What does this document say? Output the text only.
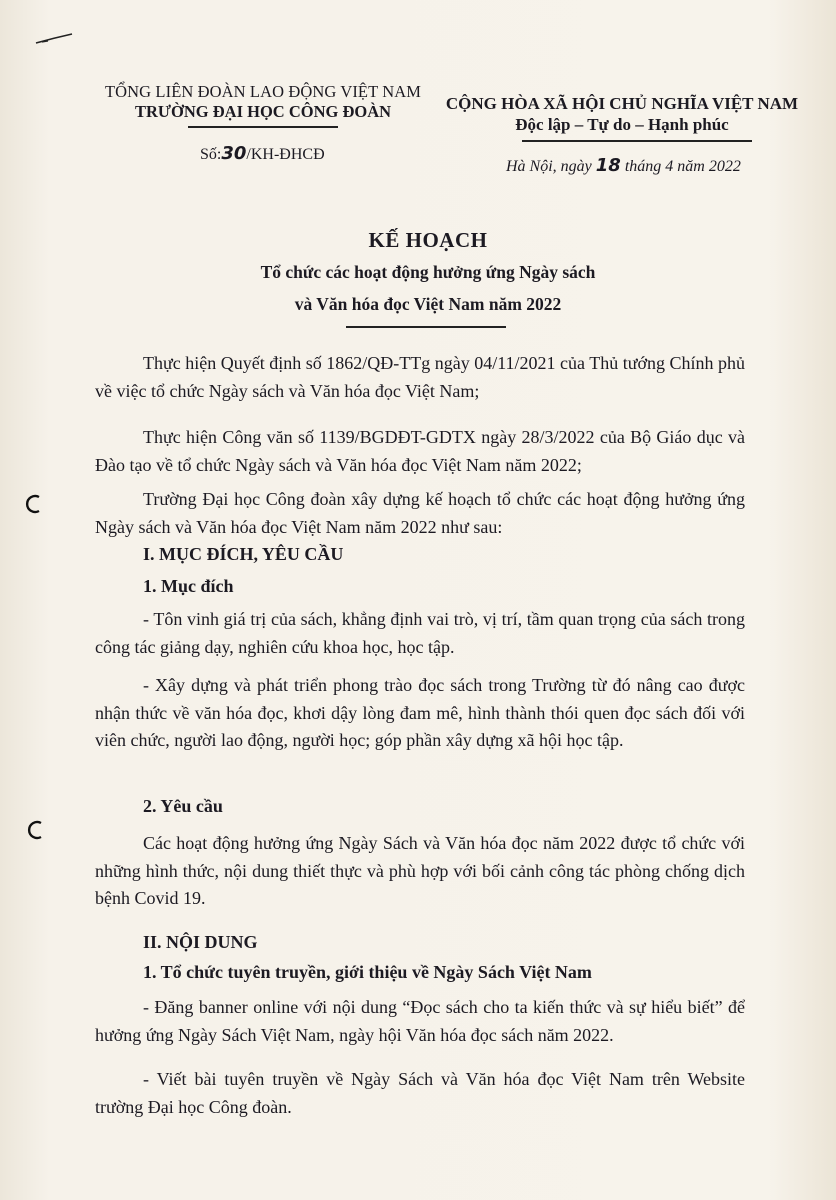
TỔNG LIÊN ĐOÀN LAO ĐỘNG VIỆT NAM
TRƯỜNG ĐẠI HỌC CÔNG ĐOÀN
Số:30/KH-ĐHCĐ
CỘNG HÒA XÃ HỘI CHỦ NGHĨA VIỆT NAM
Độc lập – Tự do – Hạnh phúc
Hà Nội, ngày 18 tháng 4 năm 2022
KẾ HOẠCH
Tổ chức các hoạt động hưởng ứng Ngày sách
và Văn hóa đọc Việt Nam năm 2022
Thực hiện Quyết định số 1862/QĐ-TTg ngày 04/11/2021 của Thủ tướng Chính phủ về việc tổ chức Ngày sách và Văn hóa đọc Việt Nam;
Thực hiện Công văn số 1139/BGDĐT-GDTX ngày 28/3/2022 của Bộ Giáo dục và Đào tạo về tổ chức Ngày sách và Văn hóa đọc Việt Nam năm 2022;
Trường Đại học Công đoàn xây dựng kế hoạch tổ chức các hoạt động hưởng ứng Ngày sách và Văn hóa đọc Việt Nam năm 2022 như sau:
I. MỤC ĐÍCH, YÊU CẦU
1. Mục đích
- Tôn vinh giá trị của sách, khẳng định vai trò, vị trí, tầm quan trọng của sách trong công tác giảng dạy, nghiên cứu khoa học, học tập.
- Xây dựng và phát triển phong trào đọc sách trong Trường từ đó nâng cao được nhận thức về văn hóa đọc, khơi dậy lòng đam mê, hình thành thói quen đọc sách đối với viên chức, người lao động, người học; góp phần xây dựng xã hội học tập.
2. Yêu cầu
Các hoạt động hưởng ứng Ngày Sách và Văn hóa đọc năm 2022 được tổ chức với những hình thức, nội dung thiết thực và phù hợp với bối cảnh công tác phòng chống dịch bệnh Covid 19.
II. NỘI DUNG
1. Tổ chức tuyên truyền, giới thiệu về Ngày Sách Việt Nam
- Đăng banner online với nội dung “Đọc sách cho ta kiến thức và sự hiểu biết” để hưởng ứng Ngày Sách Việt Nam, ngày hội Văn hóa đọc sách năm 2022.
- Viết bài tuyên truyền về Ngày Sách và Văn hóa đọc Việt Nam trên Website trường Đại học Công đoàn.
